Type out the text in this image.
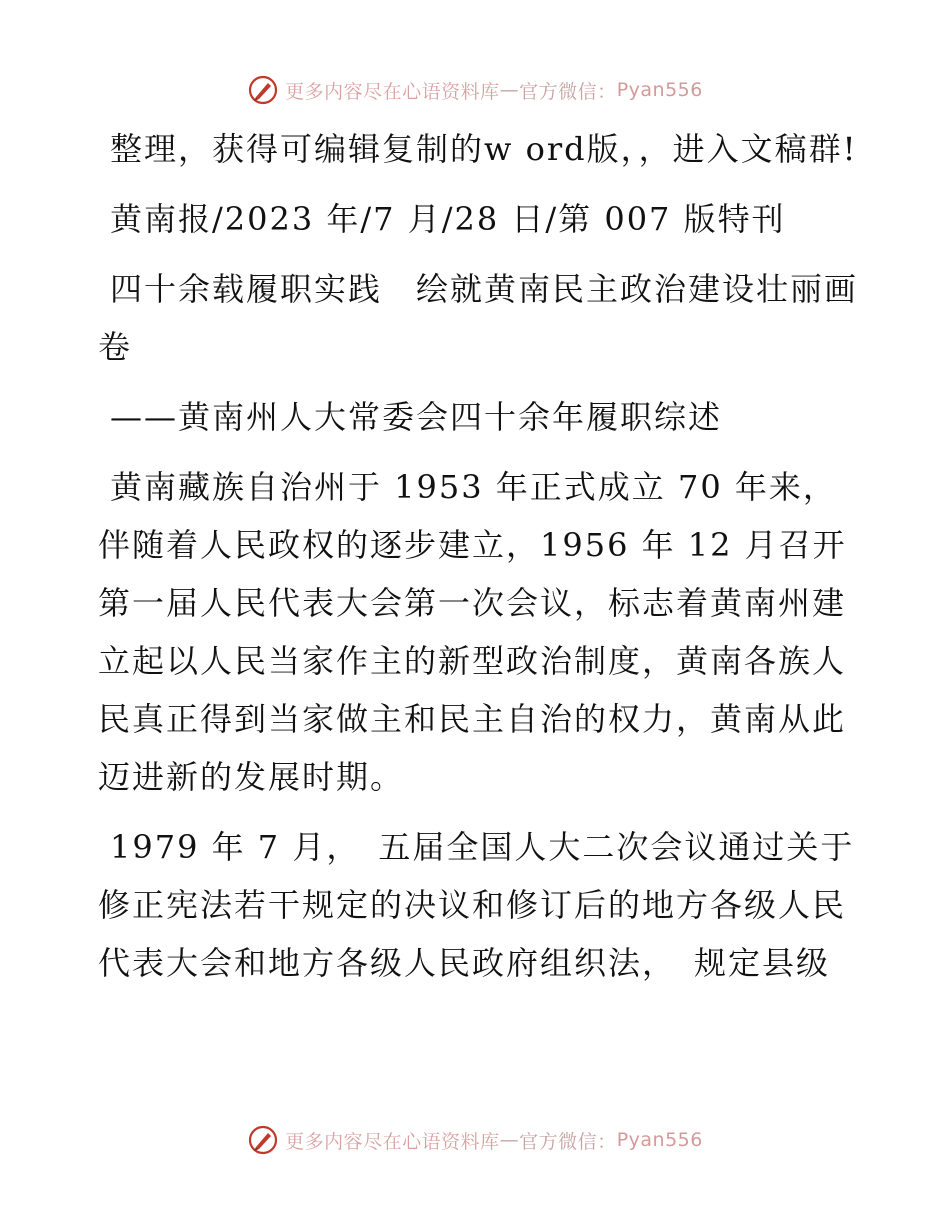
更多内容尽在心语资料库 — 官方微信： Pyan556

整理，获得可编辑复制的w ord版，，进入文稿群!

黄南报/2023 年/7 月/28 日/第 007 版特刊

四十余载履职实践　绘就黄南民主政治建设壮丽画卷

——黄南州人大常委会四十余年履职综述

黄南藏族自治州于 1953 年正式成立 70 年来，伴随着人民政权的逐步建立，1956 年 12 月召开第一届人民代表大会第一次会议，标志着黄南州建立起以人民当家作主的新型政治制度，黄南各族人民真正得到当家做主和民主自治的权力，黄南从此迈进新的发展时期。

1979 年 7 月，　五届全国人大二次会议通过关于修正宪法若干规定的决议和修订后的地方各级人民代表大会和地方各级人民政府组织法，　规定县级

更多内容尽在心语资料库 — 官方微信： Pyan556
